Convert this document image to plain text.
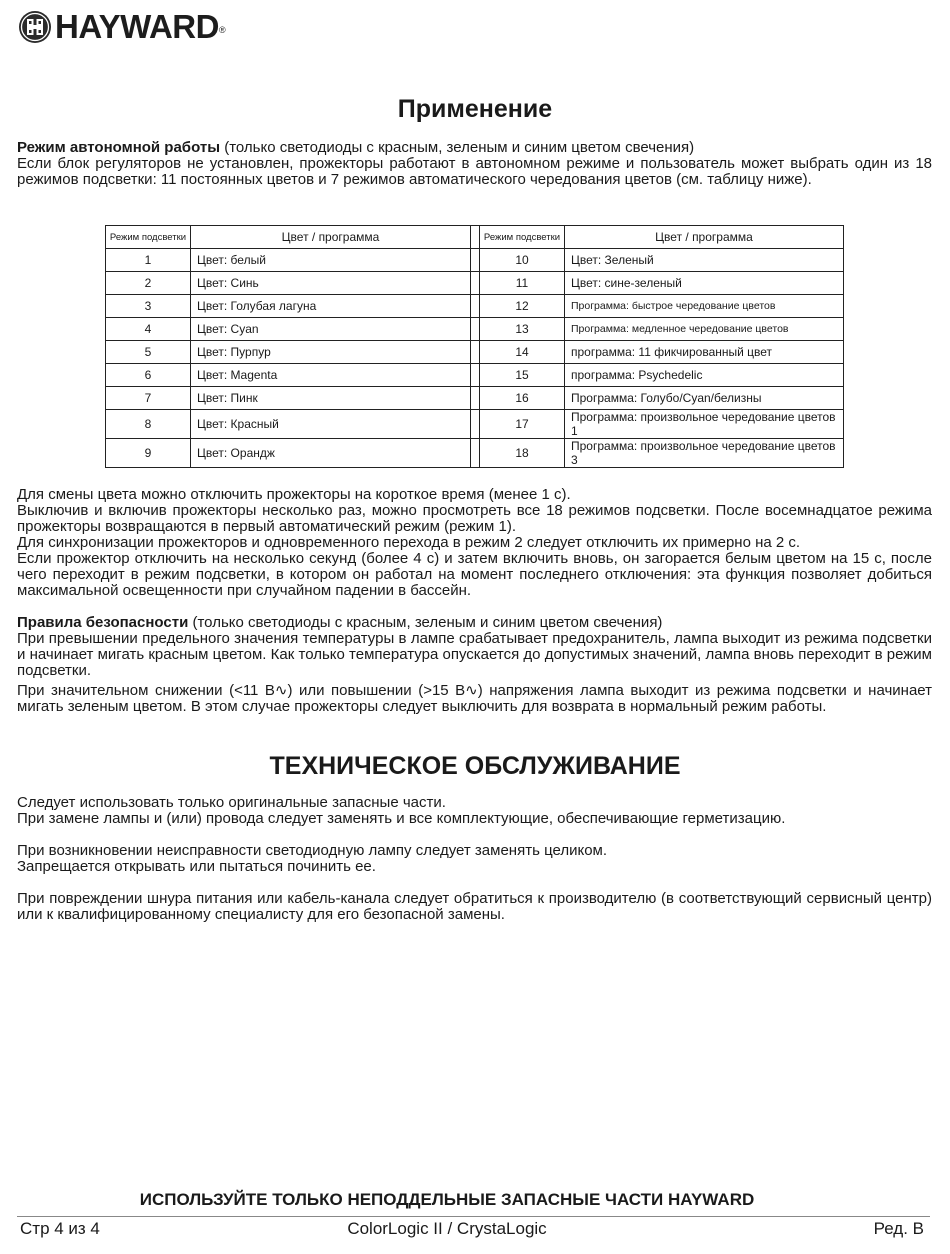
HAYWARD®
Применение

Режим автономной работы (только светодиоды с красным, зеленым и синим цветом свечения)

Если блок регуляторов не установлен, прожекторы работают в автономном режиме и пользователь может выбрать один из 18 режимов подсветки: 11 постоянных цветов и 7 режимов автоматического чередования цветов (см. таблицу ниже).

Режим подсветки	Цвет / программа		Режим подсветки	Цвет / программа
1	Цвет: белый		10	Цвет: Зеленый
2	Цвет: Синь		11	Цвет: сине-зеленый
3	Цвет: Голубая лагуна		12	Программа: быстрое чередование цветов
4	Цвет: Cyan		13	Программа: медленное чередование цветов
5	Цвет: Пурпур		14	программа: 11 фикчированный цвет
6	Цвет: Magenta		15	программа: Psychedelic
7	Цвет: Пинк		16	Программа: Голубо/Cyan/белизны
8	Цвет: Красный		17	Программа: произвольное чередование цветов 1
9	Цвет: Орандж		18	Программа: произвольное чередование цветов 3

Для смены цвета можно отключить прожекторы на короткое время (менее 1 с).

Выключив и включив прожекторы несколько раз, можно просмотреть все 18 режимов подсветки. После восемнадцатое режима прожекторы возвращаются в первый автоматический режим (режим 1).

Для синхронизации прожекторов и одновременного перехода в режим 2 следует отключить их примерно на 2 с.

Если прожектор отключить на несколько секунд (более 4 с) и затем включить вновь, он загорается белым цветом на 15 с, после чего переходит в режим подсветки, в котором он работал на момент последнего отключения: эта функция позволяет добиться максимальной освещенности при случайном падении в бассейн.

Правила безопасности (только светодиоды с красным, зеленым и синим цветом свечения)

При превышении предельного значения температуры в лампе срабатывает предохранитель, лампа выходит из режима подсветки и начинает мигать красным цветом. Как только температура опускается до допустимых значений, лампа вновь переходит в режим подсветки.

При значительном снижении (<11 В∿) или повышении (>15 В∿) напряжения лампа выходит из режима подсветки и начинает мигать зеленым цветом. В этом случае прожекторы следует выключить для возврата в нормальный режим работы.

ТЕХНИЧЕСКОЕ ОБСЛУЖИВАНИЕ

Следует использовать только оригинальные запасные части.

При замене лампы и (или) провода следует заменять и все комплектующие, обеспечивающие герметизацию.

При возникновении неисправности светодиодную лампу следует заменять целиком.

Запрещается открывать или пытаться починить ее.

При повреждении шнура питания или кабель-канала следует обратиться к производителю (в соответствующий сервисный центр) или к квалифицированному специалисту для его безопасной замены.

ИСПОЛЬЗУЙТЕ ТОЛЬКО НЕПОДДЕЛЬНЫЕ ЗАПАСНЫЕ ЧАСТИ HAYWARD
Стр 4 из 4	ColorLogic II / CrystaLogic	Ред. B
